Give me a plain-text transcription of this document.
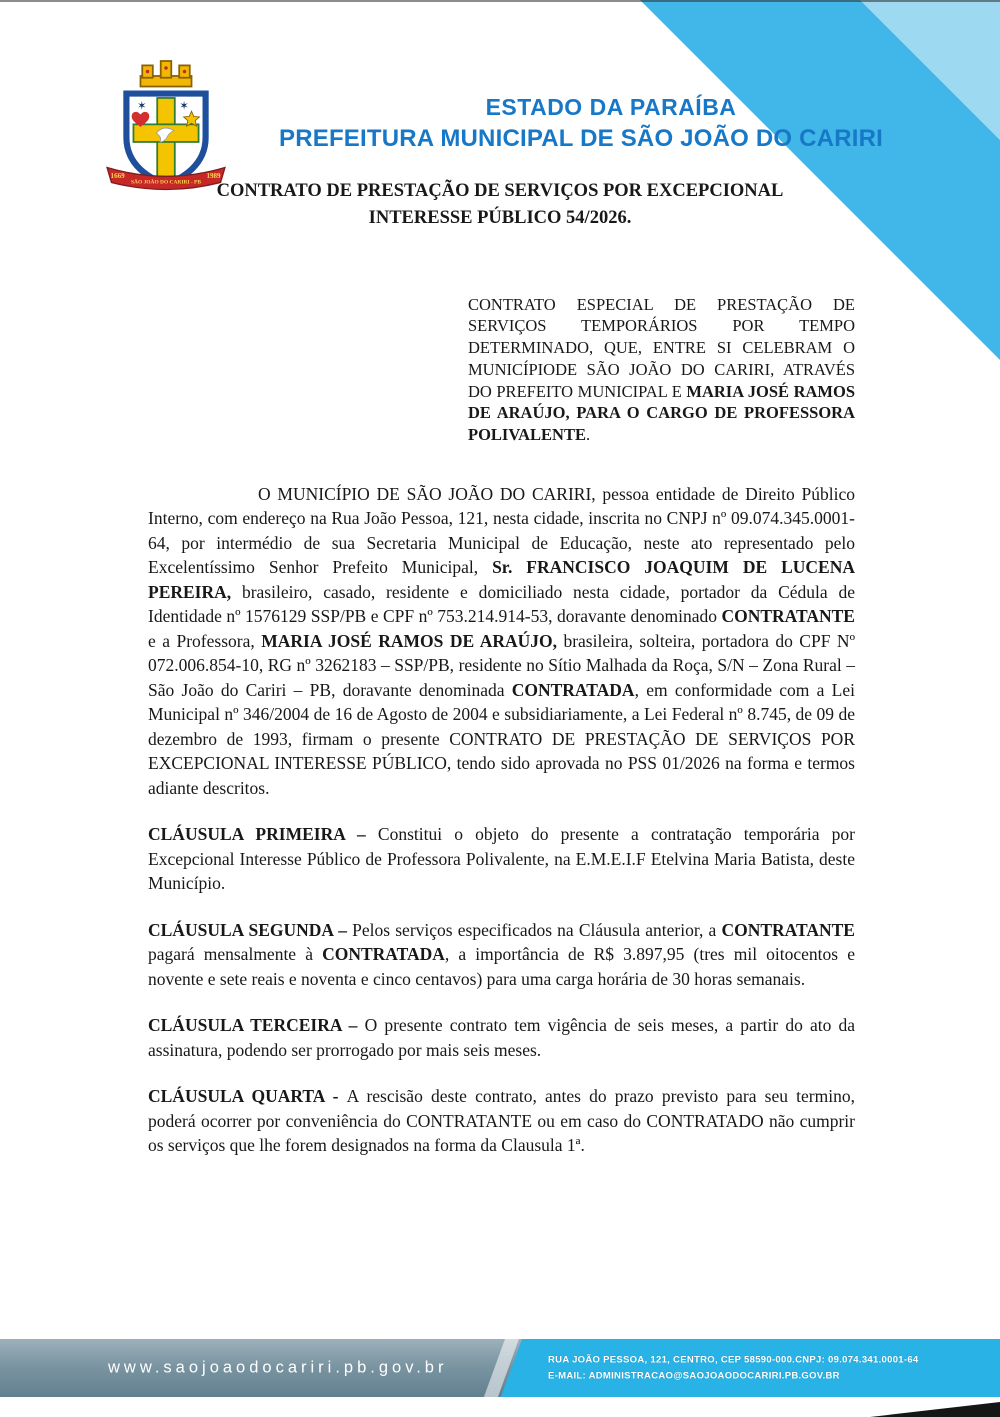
✶	✶
1669
SÃO JOÃO DO CARIRI - PB
1989
ESTADO DA PARAÍBA
PREFEITURA MUNICIPAL DE SÃO JOÃO DO CARIRI
CONTRATO DE PRESTAÇÃO DE SERVIÇOS POR EXCEPCIONAL
INTERESSE PÚBLICO 54/2026.

CONTRATO ESPECIAL DE PRESTAÇÃO DE SERVIÇOS TEMPORÁRIOS POR TEMPO DETERMINADO, QUE, ENTRE SI CELEBRAM O MUNICÍPIODE SÃO JOÃO DO CARIRI, ATRAVÉS DO PREFEITO MUNICIPAL E MARIA JOSÉ RAMOS DE ARAÚJO, PARA O CARGO DE PROFESSORA POLIVALENTE.

O MUNICÍPIO DE SÃO JOÃO DO CARIRI, pessoa entidade de Direito Público Interno, com endereço na Rua João Pessoa, 121, nesta cidade, inscrita no CNPJ nº 09.074.345.0001-64, por intermédio de sua Secretaria Municipal de Educação, neste ato representado pelo Excelentíssimo Senhor Prefeito Municipal, Sr. FRANCISCO JOAQUIM DE LUCENA PEREIRA, brasileiro, casado, residente e domiciliado nesta cidade, portador da Cédula de Identidade nº 1576129 SSP/PB e CPF nº 753.214.914-53, doravante denominado CONTRATANTE e a Professora, MARIA JOSÉ RAMOS DE ARAÚJO, brasileira, solteira, portadora do CPF Nº 072.006.854-10, RG nº 3262183 – SSP/PB, residente no Sítio Malhada da Roça, S/N – Zona Rural – São João do Cariri – PB, doravante denominada CONTRATADA, em conformidade com a Lei Municipal nº 346/2004 de 16 de Agosto de 2004 e subsidiariamente, a Lei Federal nº 8.745, de 09 de dezembro de 1993, firmam o presente CONTRATO DE PRESTAÇÃO DE SERVIÇOS POR EXCEPCIONAL INTERESSE PÚBLICO, tendo sido aprovada no PSS 01/2026 na forma e termos adiante descritos.

CLÁUSULA PRIMEIRA – Constitui o objeto do presente a contratação temporária por Excepcional Interesse Público de Professora Polivalente, na E.M.E.I.F Etelvina Maria Batista, deste Município.

CLÁUSULA SEGUNDA – Pelos serviços especificados na Cláusula anterior, a CONTRATANTE pagará mensalmente à CONTRATADA, a importância de R$ 3.897,95 (tres mil oitocentos e novente e sete reais e noventa e cinco centavos) para uma carga horária de 30 horas semanais.

CLÁUSULA TERCEIRA – O presente contrato tem vigência de seis meses, a partir do ato da assinatura, podendo ser prorrogado por mais seis meses.

CLÁUSULA QUARTA - A rescisão deste contrato, antes do prazo previsto para seu termino, poderá ocorrer por conveniência do CONTRATANTE ou em caso do CONTRATADO não cumprir os serviços que lhe forem designados na forma da Clausula 1ª.

www.saojoaodocariri.pb.gov.br	RUA JOÃO PESSOA, 121, CENTRO, CEP 58590-000.CNPJ: 09.074.341.0001-64
E-MAIL: ADMINISTRACAO@SAOJOAODOCARIRI.PB.GOV.BR
